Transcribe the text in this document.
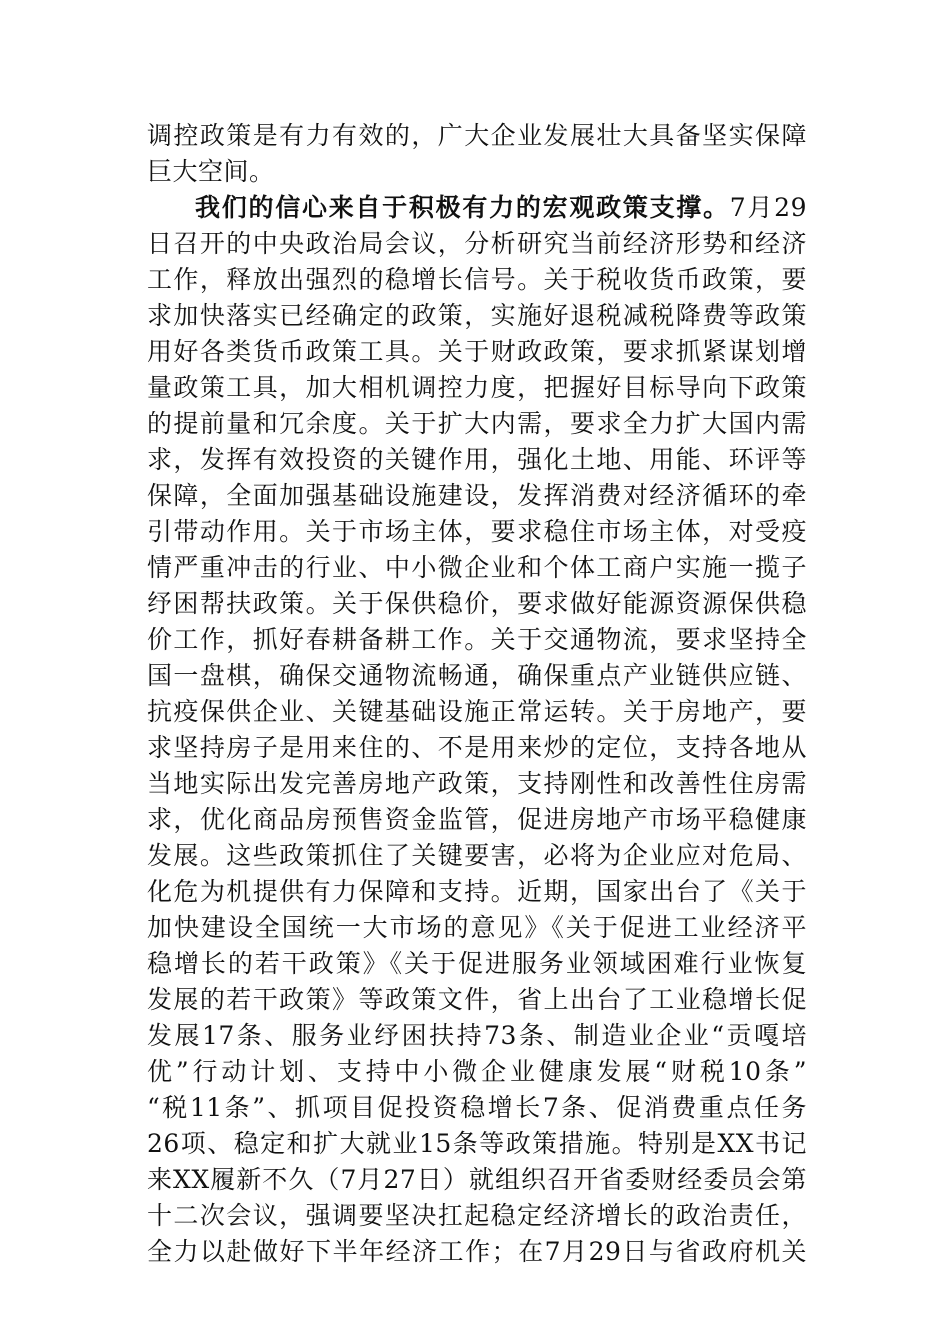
调控政策是有力有效的，广大企业发展壮大具备坚实保障
巨大空间。
我们的信心来自于积极有力的宏观政策支撑。7月29
日召开的中央政治局会议，分析研究当前经济形势和经济
工作，释放出强烈的稳增长信号。关于税收货币政策，要
求加快落实已经确定的政策，实施好退税减税降费等政策
用好各类货币政策工具。关于财政政策，要求抓紧谋划增
量政策工具，加大相机调控力度，把握好目标导向下政策
的提前量和冗余度。关于扩大内需，要求全力扩大国内需
求，发挥有效投资的关键作用，强化土地、用能、环评等
保障，全面加强基础设施建设，发挥消费对经济循环的牵
引带动作用。关于市场主体，要求稳住市场主体，对受疫
情严重冲击的行业、中小微企业和个体工商户实施一揽子
纾困帮扶政策。关于保供稳价，要求做好能源资源保供稳
价工作，抓好春耕备耕工作。关于交通物流，要求坚持全
国一盘棋，确保交通物流畅通，确保重点产业链供应链、
抗疫保供企业、关键基础设施正常运转。关于房地产，要
求坚持房子是用来住的、不是用来炒的定位，支持各地从
当地实际出发完善房地产政策，支持刚性和改善性住房需
求，优化商品房预售资金监管，促进房地产市场平稳健康
发展。这些政策抓住了关键要害，必将为企业应对危局、
化危为机提供有力保障和支持。近期，国家出台了《关于
加快建设全国统一大市场的意见》《关于促进工业经济平
稳增长的若干政策》《关于促进服务业领域困难行业恢复
发展的若干政策》等政策文件，省上出台了工业稳增长促
发展17条、服务业纾困扶持73条、制造业企业“贡嘎培
优”行动计划、支持中小微企业健康发展“财税10条”
“税11条”、抓项目促投资稳增长7条、促消费重点任务
26项、稳定和扩大就业15条等政策措施。特别是XX书记
来XX履新不久（7月27日）就组织召开省委财经委员会第
十二次会议，强调要坚决扛起稳定经济增长的政治责任，
全力以赴做好下半年经济工作；在7月29日与省政府机关
